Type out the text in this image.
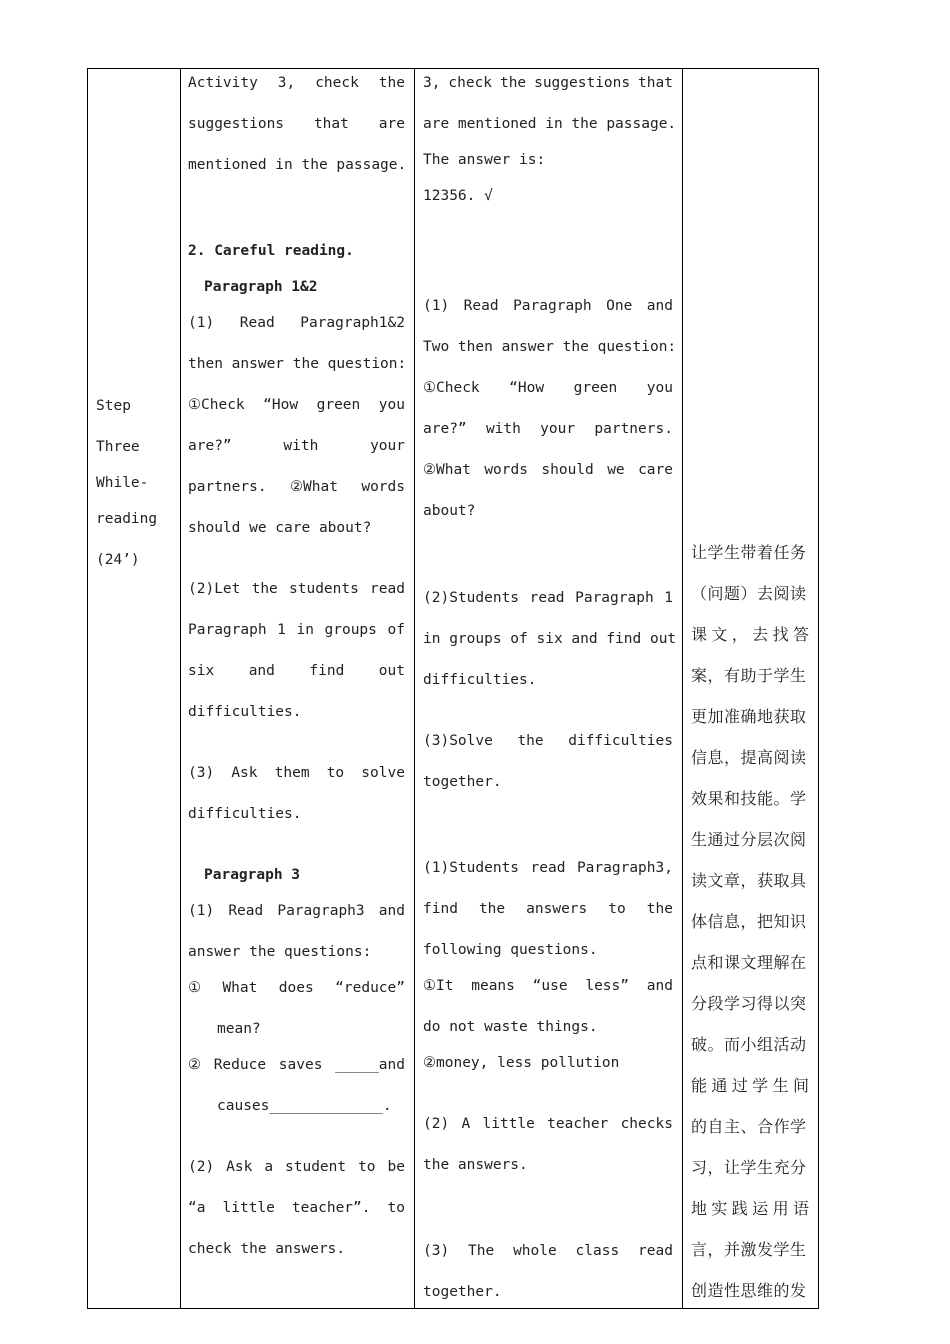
Step
Three
While-
reading
(24’)
Activity 3, check the
suggestions that are
mentioned in the passage.
2. Careful reading.
Paragraph 1&2
(1) Read Paragraph1&2
then answer the question:
①Check “How green you
are?”	with	your
partners. ②What words
should we care about?
(2)Let the students read
Paragraph 1 in groups of
six and find out
difficulties.
(3) Ask them to solve
difficulties.
Paragraph 3
(1) Read Paragraph3 and
answer the questions:
① What does “reduce”
mean?
② Reduce saves _____and
causes_____________.
(2) Ask a student to be
“a little teacher”. to
check the answers.
3, check the suggestions that
are mentioned in the passage.
The answer is:
12356. √
(1) Read Paragraph One and
Two then answer the question:
①Check “How green you
are?” with your partners.
②What words should we care
about?
(2)Students read Paragraph 1
in groups of six and find out
difficulties.
(3)Solve the difficulties
together.
(1)Students read Paragraph3,
find the answers to the
following questions.
①It means “use less” and
do not waste things.
②money, less pollution
(2) A little teacher checks
the answers.
(3) The whole class read
together.
让学生带着任务
（问题）去阅读
课 文 ， 去 找 答
案，有助于学生
更加准确地获取
信息，提高阅读
效果和技能。学
生通过分层次阅
读文章，获取具
体信息，把知识
点和课文理解在
分段学习得以突
破。而小组活动
能 通 过 学 生 间
的自主、合作学
习，让学生充分
地 实 践 运 用 语
言，并激发学生
创造性思维的发
